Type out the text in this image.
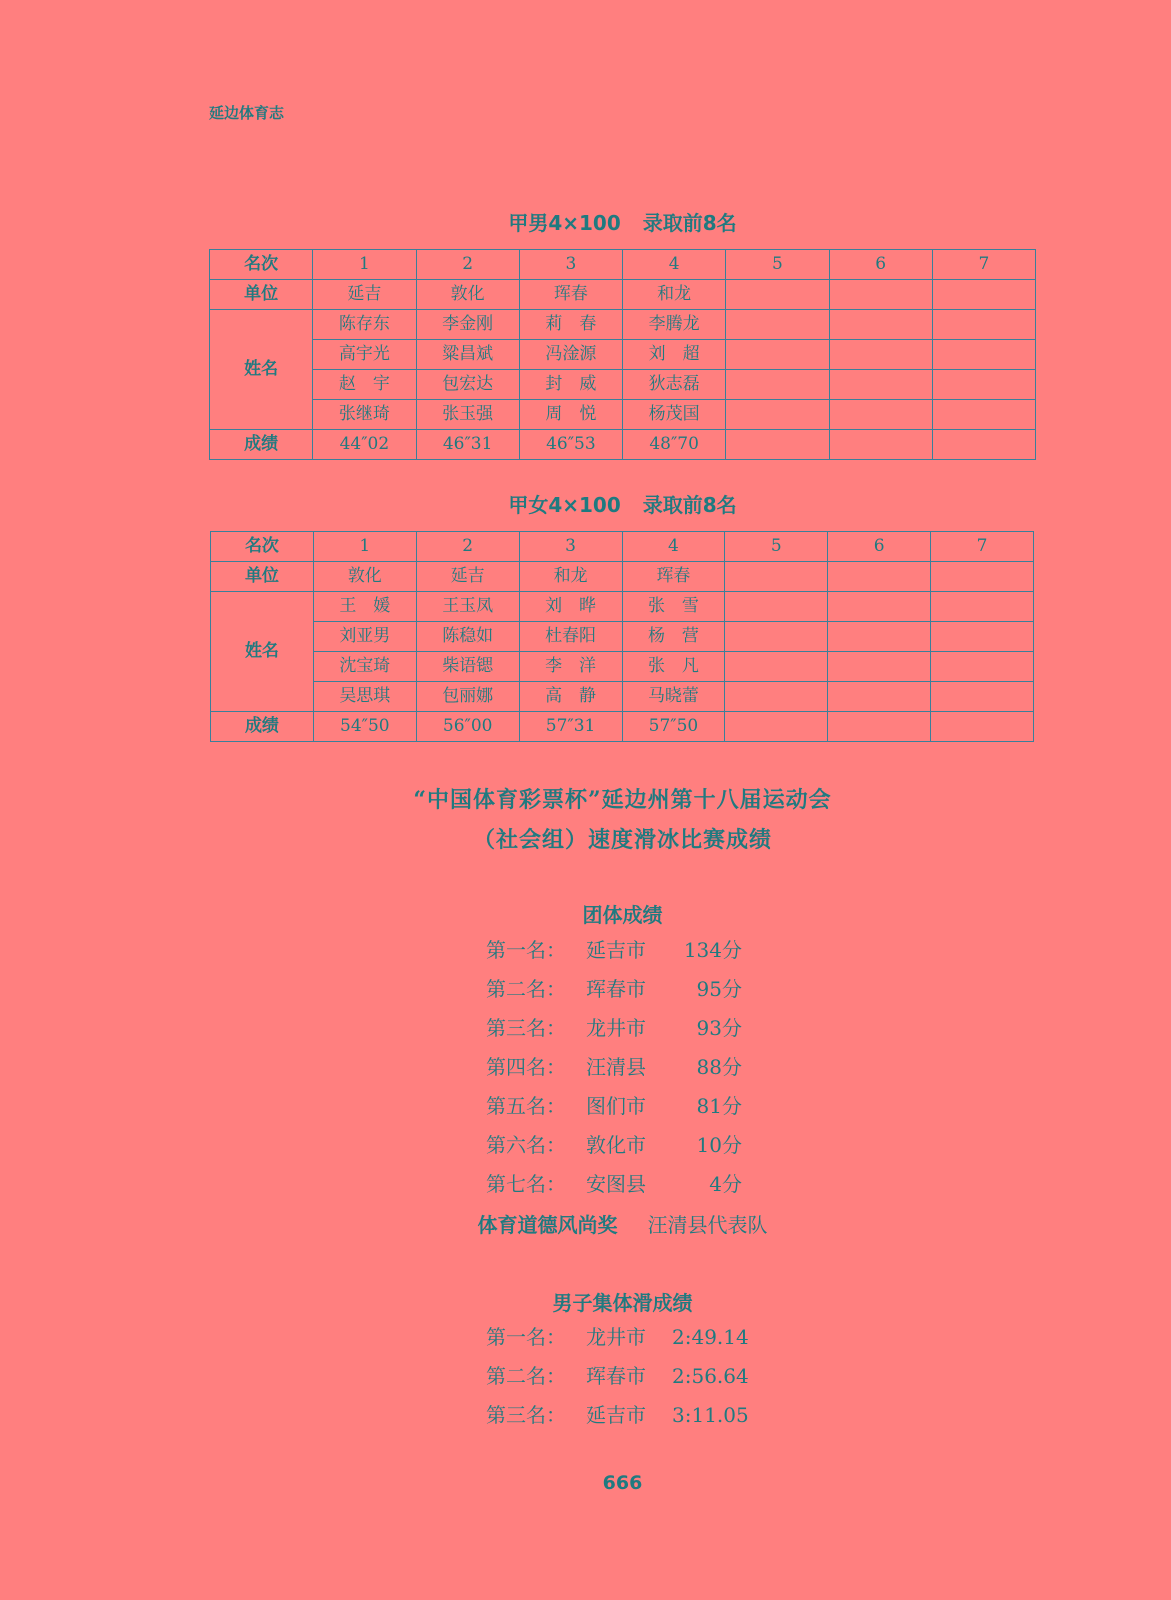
延边体育志
甲男4×100 录取前8名
名次	1	2	3	4	5	6	7
单位	延吉	敦化	珲春	和龙			
姓名	陈存东	李金刚	莉　春	李腾龙			
	高宇光	粱昌斌	冯淦源	刘　超			
	赵　宇	包宏达	封　威	狄志磊			
	张继琦	张玉强	周　悦	杨茂国			
成绩	44″02	46″31	46″53	48″70			
甲女4×100 录取前8名
名次	1	2	3	4	5	6	7
单位	敦化	延吉	和龙	珲春			
姓名	王　媛	王玉凤	刘　晔	张　雪			
	刘亚男	陈稳如	杜春阳	杨　营			
	沈宝琦	柴语锶	李　洋	张　凡			
	吴思琪	包丽娜	高　静	马晓蕾			
成绩	54″50	56″00	57″31	57″50			
“中国体育彩票杯”延边州第十八届运动会
（社会组）速度滑冰比赛成绩
团体成绩
第一名： 延吉市 134分
第二名： 珲春市	95分
第三名： 龙井市	93分
第四名： 汪清县	88分
第五名： 图们市	81分
第六名： 敦化市	10分
第七名： 安图县	4分
体育道德风尚奖 汪清县代表队
男子集体滑成绩
第一名： 龙井市 2:49.14
第二名： 珲春市 2:56.64
第三名： 延吉市 3:11.05
666
